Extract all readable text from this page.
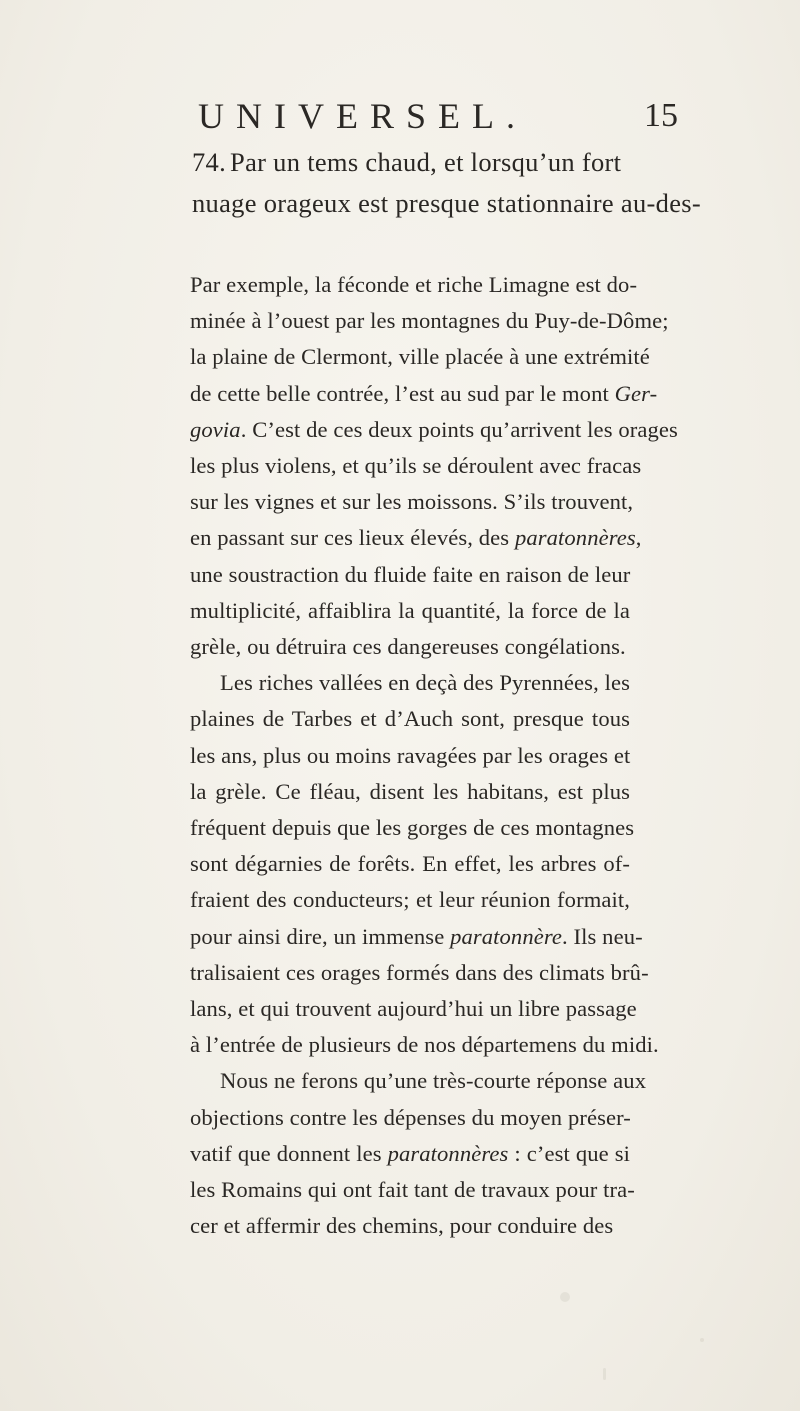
UNIVERSEL.	15
74. Par un tems chaud, et lorsqu’un fort
nuage orageux est presque stationnaire au-des-
Par exemple, la féconde et riche Limagne est do-
minée à l’ouest par les montagnes du Puy-de-Dôme;
la plaine de Clermont, ville placée à une extrémité
de cette belle contrée, l’est au sud par le mont Ger-
govia. C’est de ces deux points qu’arrivent les orages
les plus violens, et qu’ils se déroulent avec fracas
sur les vignes et sur les moissons. S’ils trouvent,
en passant sur ces lieux élevés, des paratonnères,
une soustraction du fluide faite en raison de leur
multiplicité, affaiblira la quantité, la force de la
grèle, ou détruira ces dangereuses congélations.
Les riches vallées en deçà des Pyrennées, les
plaines de Tarbes et d’Auch sont, presque tous
les ans, plus ou moins ravagées par les orages et
la grèle. Ce fléau, disent les habitans, est plus
fréquent depuis que les gorges de ces montagnes
sont dégarnies de forêts. En effet, les arbres of-
fraient des conducteurs; et leur réunion formait,
pour ainsi dire, un immense paratonnère. Ils neu-
tralisaient ces orages formés dans des climats brû-
lans, et qui trouvent aujourd’hui un libre passage
à l’entrée de plusieurs de nos départemens du midi.
Nous ne ferons qu’une très-courte réponse aux
objections contre les dépenses du moyen préser-
vatif que donnent les paratonnères : c’est que si
les Romains qui ont fait tant de travaux pour tra-
cer et affermir des chemins, pour conduire des
